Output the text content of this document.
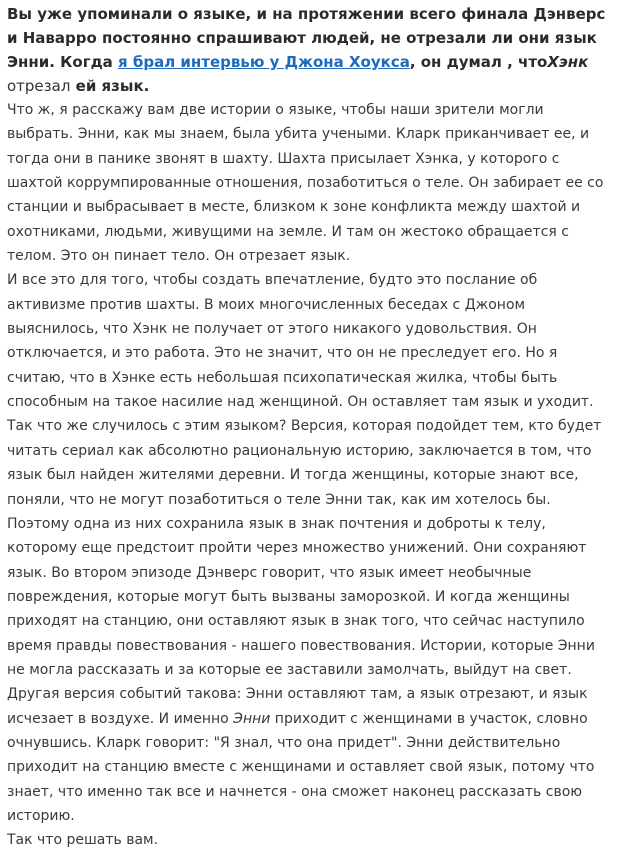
Вы уже упоминали о языке, и на протяжении всего финала Дэнверс и Наварро постоянно спрашивают людей, не отрезали ли они язык Энни. Когда я брал интервью у Джона Хоукса, он думал , чтоХэнк отрезал ей язык.

Что ж, я расскажу вам две истории о языке, чтобы наши зрители могли выбрать. Энни, как мы знаем, была убита учеными. Кларк приканчивает ее, и тогда они в панике звонят в шахту. Шахта присылает Хэнка, у которого с шахтой коррумпированные отношения, позаботиться о теле. Он забирает ее со станции и выбрасывает в месте, близком к зоне конфликта между шахтой и охотниками, людьми, живущими на земле. И там он жестоко обращается с телом. Это он пинает тело. Он отрезает язык.

И все это для того, чтобы создать впечатление, будто это послание об активизме против шахты. В моих многочисленных беседах с Джоном выяснилось, что Хэнк не получает от этого никакого удовольствия. Он отключается, и это работа. Это не значит, что он не преследует его. Но я считаю, что в Хэнке есть небольшая психопатическая жилка, чтобы быть способным на такое насилие над женщиной. Он оставляет там язык и уходит.

Так что же случилось с этим языком? Версия, которая подойдет тем, кто будет читать сериал как абсолютно рациональную историю, заключается в том, что язык был найден жителями деревни. И тогда женщины, которые знают все, поняли, что не могут позаботиться о теле Энни так, как им хотелось бы. Поэтому одна из них сохранила язык в знак почтения и доброты к телу, которому еще предстоит пройти через множество унижений. Они сохраняют язык. Во втором эпизоде Дэнверс говорит, что язык имеет необычные повреждения, которые могут быть вызваны заморозкой. И когда женщины приходят на станцию, они оставляют язык в знак того, что сейчас наступило время правды повествования - нашего повествования. Истории, которые Энни не могла рассказать и за которые ее заставили замолчать, выйдут на свет.

Другая версия событий такова: Энни оставляют там, а язык отрезают, и язык исчезает в воздухе. И именно Энни приходит с женщинами в участок, словно очнувшись. Кларк говорит: "Я знал, что она придет". Энни действительно приходит на станцию вместе с женщинами и оставляет свой язык, потому что знает, что именно так все и начнется - она сможет наконец рассказать свою историю.

Так что решать вам.
